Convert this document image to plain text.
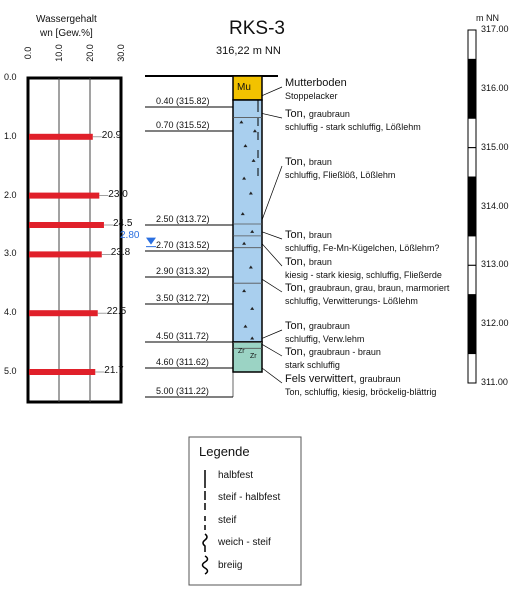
Wassergehalt
wn [Gew.%]
0.0 10.0 20.0 30.0
0.0
1.0
2.0
3.0
4.0
5.0
20.9
23.0
24.5
23.8
22.5
21.7
2.80
RKS-3
316,22 m NN
Mu
Zr
Zr
0.40 (315.82)
0.70 (315.52)
2.50 (313.72)
2.70 (313.52)
2.90 (313.32)
3.50 (312.72)
4.50 (311.72)
4.60 (311.62)
5.00 (311.22)
Mutterboden
Stoppelacker
Ton, graubraun
schluffig - stark schluffig, Lößlehm
Ton, braun
schluffig, Fließlöß, Lößlehm
Ton, braun
schluffig, Fe-Mn-Kügelchen, Lößlehm?
Ton, braun
kiesig - stark kiesig, schluffig, Fließerde
Ton, graubraun, grau, braun, marmoriert
schluffig, Verwitterungs- Lößlehm
Ton, graubraun
schluffig, Verw.lehm
Ton, graubraun - braun
stark schluffig
Fels verwittert, graubraun
Ton, schluffig, kiesig, bröckelig-blättrig
m NN
317.00
316.00
315.00
314.00
313.00
312.00
311.00
Legende
halbfest
steif - halbfest
steif
weich - steif
breiig
